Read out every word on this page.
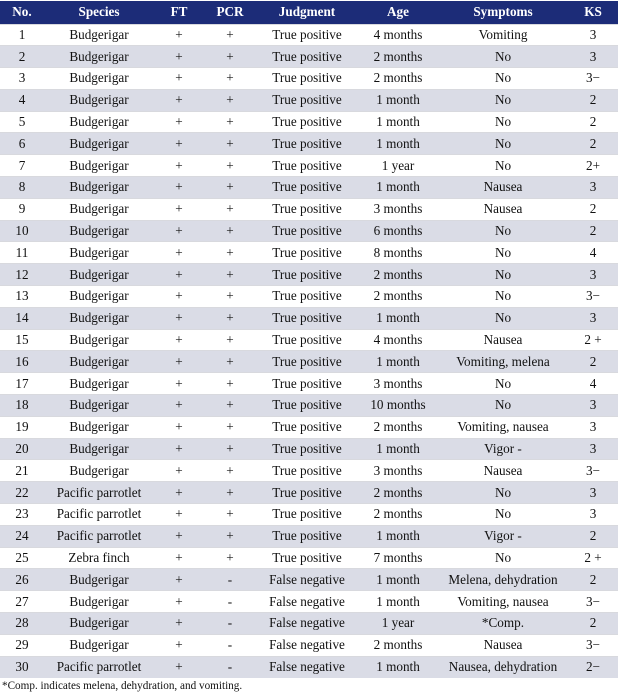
No.	Species	FT	PCR	Judgment	Age	Symptoms	KS
1	Budgerigar	+	+	True positive	4 months	Vomiting	3
2	Budgerigar	+	+	True positive	2 months	No	3
3	Budgerigar	+	+	True positive	2 months	No	3−
4	Budgerigar	+	+	True positive	1 month	No	2
5	Budgerigar	+	+	True positive	1 month	No	2
6	Budgerigar	+	+	True positive	1 month	No	2
7	Budgerigar	+	+	True positive	1 year	No	2+
8	Budgerigar	+	+	True positive	1 month	Nausea	3
9	Budgerigar	+	+	True positive	3 months	Nausea	2
10	Budgerigar	+	+	True positive	6 months	No	2
11	Budgerigar	+	+	True positive	8 months	No	4
12	Budgerigar	+	+	True positive	2 months	No	3
13	Budgerigar	+	+	True positive	2 months	No	3−
14	Budgerigar	+	+	True positive	1 month	No	3
15	Budgerigar	+	+	True positive	4 months	Nausea	2 +
16	Budgerigar	+	+	True positive	1 month	Vomiting, melena	2
17	Budgerigar	+	+	True positive	3 months	No	4
18	Budgerigar	+	+	True positive	10 months	No	3
19	Budgerigar	+	+	True positive	2 months	Vomiting, nausea	3
20	Budgerigar	+	+	True positive	1 month	Vigor -	3
21	Budgerigar	+	+	True positive	3 months	Nausea	3−
22	Pacific parrotlet	+	+	True positive	2 months	No	3
23	Pacific parrotlet	+	+	True positive	2 months	No	3
24	Pacific parrotlet	+	+	True positive	1 month	Vigor -	2
25	Zebra finch	+	+	True positive	7 months	No	2 +
26	Budgerigar	+	-	False negative	1 month	Melena, dehydration	2
27	Budgerigar	+	-	False negative	1 month	Vomiting, nausea	3−
28	Budgerigar	+	-	False negative	1 year	*Comp.	2
29	Budgerigar	+	-	False negative	2 months	Nausea	3−
30	Pacific parrotlet	+	-	False negative	1 month	Nausea, dehydration	2−
*Comp. indicates melena, dehydration, and vomiting.
